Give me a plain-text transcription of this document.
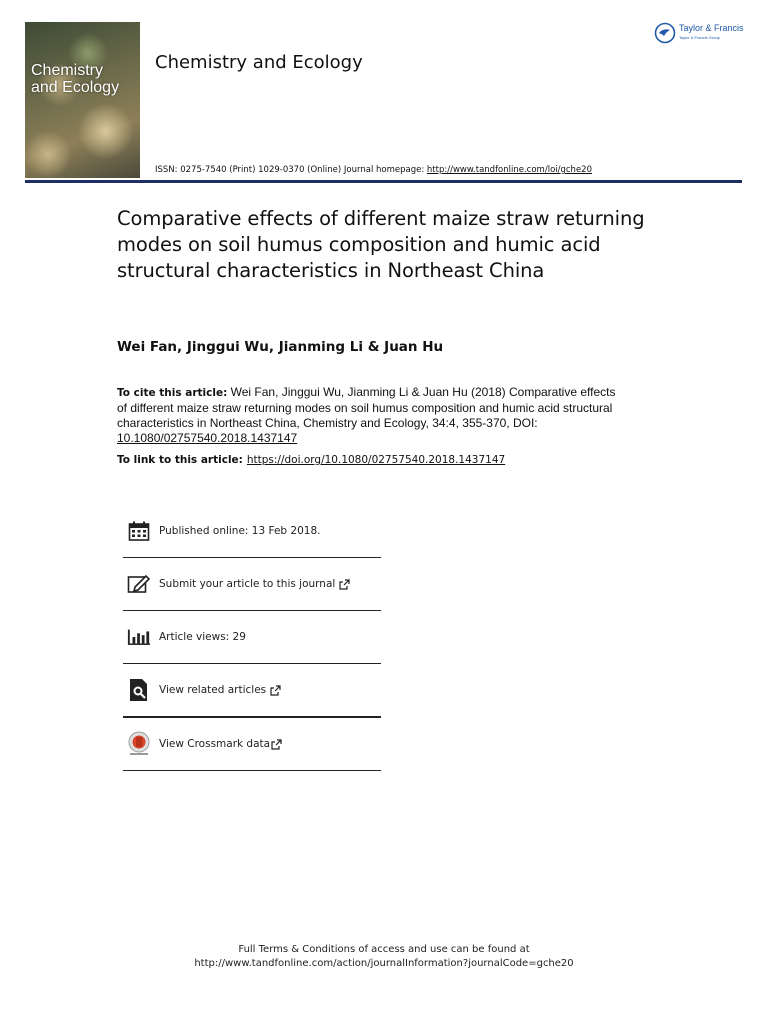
Chemistry
and Ecology
Chemistry and Ecology
Taylor & Francis
Taylor & Francis Group
ISSN: 0275-7540 (Print) 1029-0370 (Online) Journal homepage: http://www.tandfonline.com/loi/gche20
Comparative effects of different maize straw returning modes on soil humus composition and humic acid structural characteristics in Northeast China
Wei Fan, Jinggui Wu, Jianming Li & Juan Hu
To cite this article: Wei Fan, Jinggui Wu, Jianming Li & Juan Hu (2018) Comparative effects of different maize straw returning modes on soil humus composition and humic acid structural characteristics in Northeast China, Chemistry and Ecology, 34:4, 355-370, DOI: 10.1080/02757540.2018.1437147
To link to this article: https://doi.org/10.1080/02757540.2018.1437147
Published online: 13 Feb 2018.
Submit your article to this journal
Article views: 29
View related articles
View Crossmark data
Full Terms & Conditions of access and use can be found at
http://www.tandfonline.com/action/journalInformation?journalCode=gche20
